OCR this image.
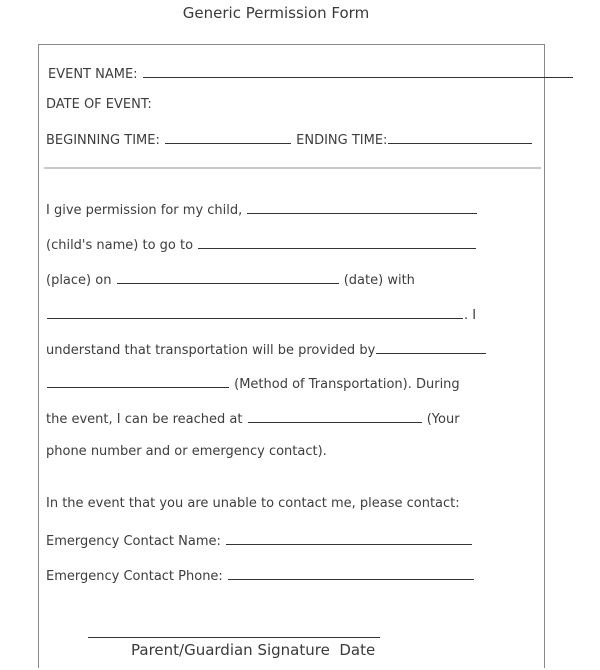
Generic Permission Form
EVENT NAME:
DATE OF EVENT:
BEGINNING TIME:	ENDING TIME:
I give permission for my child,
(child's name) to go to
(place) on	(date) with
. I
understand that transportation will be provided by
(Method of Transportation). During
the event, I can be reached at	(Your
phone number and or emergency contact).
In the event that you are unable to contact me, please contact:
Emergency Contact Name:
Emergency Contact Phone:
Parent/Guardian Signature  Date
